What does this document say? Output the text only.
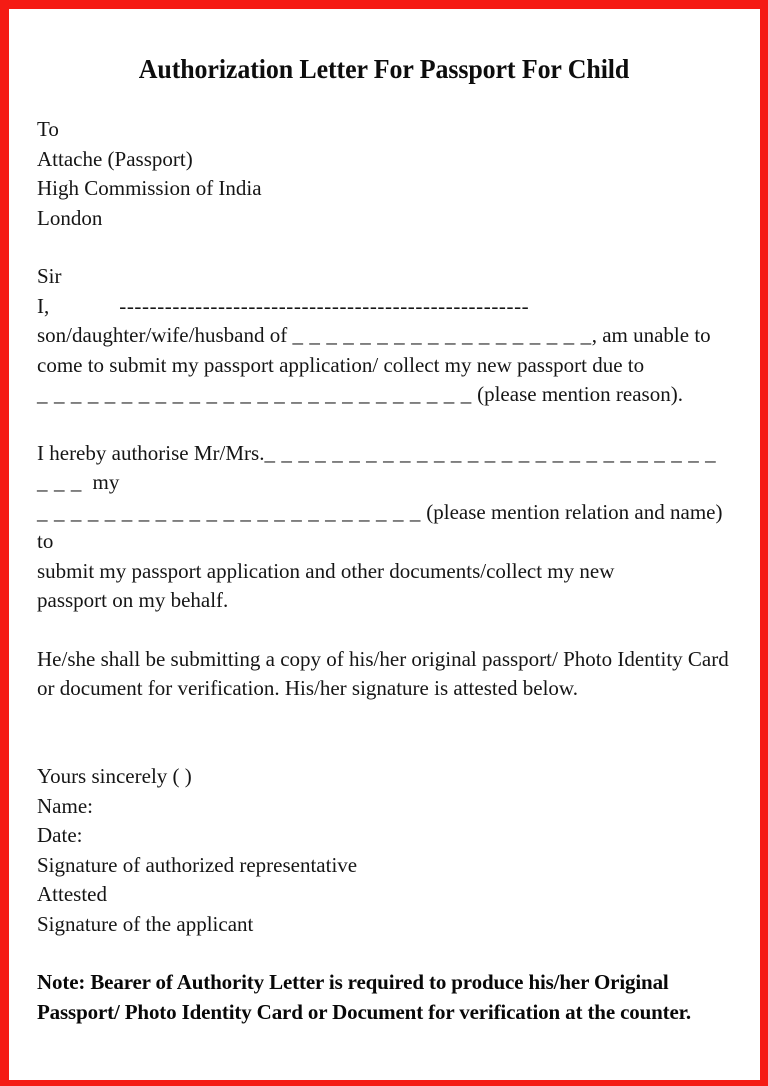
Authorization Letter For Passport For Child
To
Attache (Passport)
High Commission of India
London
Sir
I,	------------------------------------------------------
son/daughter/wife/husband of _ _ _ _ _ _ _ _ _ _ _ _ _ _ _ _ _ _, am unable to
come to submit my passport application/ collect my new passport due to
_ _ _ _ _ _ _ _ _ _ _ _ _ _ _ _ _ _ _ _ _ _ _ _ _ _ (please mention reason).
I hereby authorise Mr/Mrs._ _ _ _ _ _ _ _ _ _ _ _ _ _ _ _ _ _ _ _ _ _ _ _ _ _ _ _ _ _  my
_ _ _ _ _ _ _ _ _ _ _ _ _ _ _ _ _ _ _ _ _ _ _ (please mention relation and name) to
submit my passport application and other documents/collect my new
passport on my behalf.
He/she shall be submitting a copy of his/her original passport/ Photo Identity Card or document for verification. His/her signature is attested below.
Yours sincerely ( )
Name:
Date:
Signature of authorized representative
Attested
Signature of the applicant
Note: Bearer of Authority Letter is required to produce his/her Original Passport/ Photo Identity Card or Document for verification at the counter.
